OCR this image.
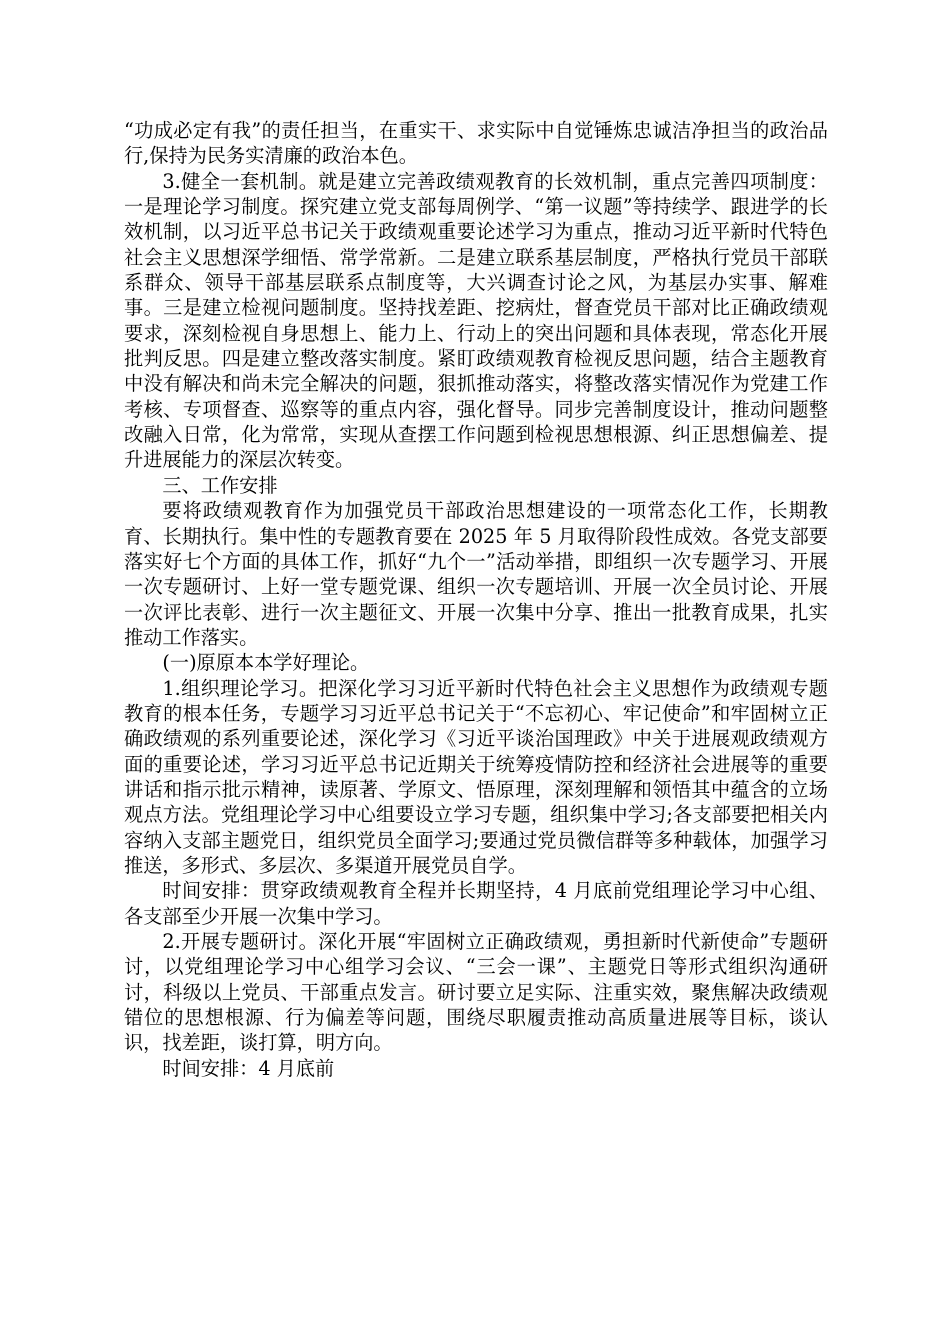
“功成必定有我”的责任担当，在重实干、求实际中自觉锤炼忠诚洁净担当的政治品行,保持为民务实清廉的政治本色。

3.健全一套机制。就是建立完善政绩观教育的长效机制，重点完善四项制度：一是理论学习制度。探究建立党支部每周例学、“第一议题”等持续学、跟进学的长效机制，以习近平总书记关于政绩观重要论述学习为重点，推动习近平新时代特色社会主义思想深学细悟、常学常新。二是建立联系基层制度，严格执行党员干部联系群众、领导干部基层联系点制度等，大兴调查讨论之风，为基层办实事、解难事。三是建立检视问题制度。坚持找差距、挖病灶，督查党员干部对比正确政绩观要求，深刻检视自身思想上、能力上、行动上的突出问题和具体表现，常态化开展批判反思。四是建立整改落实制度。紧盯政绩观教育检视反思问题，结合主题教育中没有解决和尚未完全解决的问题，狠抓推动落实，将整改落实情况作为党建工作考核、专项督查、巡察等的重点内容，强化督导。同步完善制度设计，推动问题整改融入日常，化为常常，实现从查摆工作问题到检视思想根源、纠正思想偏差、提升进展能力的深层次转变。

三、工作安排

要将政绩观教育作为加强党员干部政治思想建设的一项常态化工作，长期教育、长期执行。集中性的专题教育要在 2025 年 5 月取得阶段性成效。各党支部要落实好七个方面的具体工作，抓好“九个一”活动举措，即组织一次专题学习、开展一次专题研讨、上好一堂专题党课、组织一次专题培训、开展一次全员讨论、开展一次评比表彰、进行一次主题征文、开展一次集中分享、推出一批教育成果，扎实推动工作落实。

(一)原原本本学好理论。

1.组织理论学习。把深化学习习近平新时代特色社会主义思想作为政绩观专题教育的根本任务，专题学习习近平总书记关于“不忘初心、牢记使命”和牢固树立正确政绩观的系列重要论述，深化学习《习近平谈治国理政》中关于进展观政绩观方面的重要论述，学习习近平总书记近期关于统筹疫情防控和经济社会进展等的重要讲话和指示批示精神，读原著、学原文、悟原理，深刻理解和领悟其中蕴含的立场观点方法。党组理论学习中心组要设立学习专题，组织集中学习;各支部要把相关内容纳入支部主题党日，组织党员全面学习;要通过党员微信群等多种载体，加强学习推送，多形式、多层次、多渠道开展党员自学。

时间安排：贯穿政绩观教育全程并长期坚持，4 月底前党组理论学习中心组、各支部至少开展一次集中学习。

2.开展专题研讨。深化开展“牢固树立正确政绩观，勇担新时代新使命”专题研讨，以党组理论学习中心组学习会议、“三会一课”、主题党日等形式组织沟通研讨，科级以上党员、干部重点发言。研讨要立足实际、注重实效，聚焦解决政绩观错位的思想根源、行为偏差等问题，围绕尽职履责推动高质量进展等目标，谈认识，找差距，谈打算，明方向。

时间安排：4 月底前
